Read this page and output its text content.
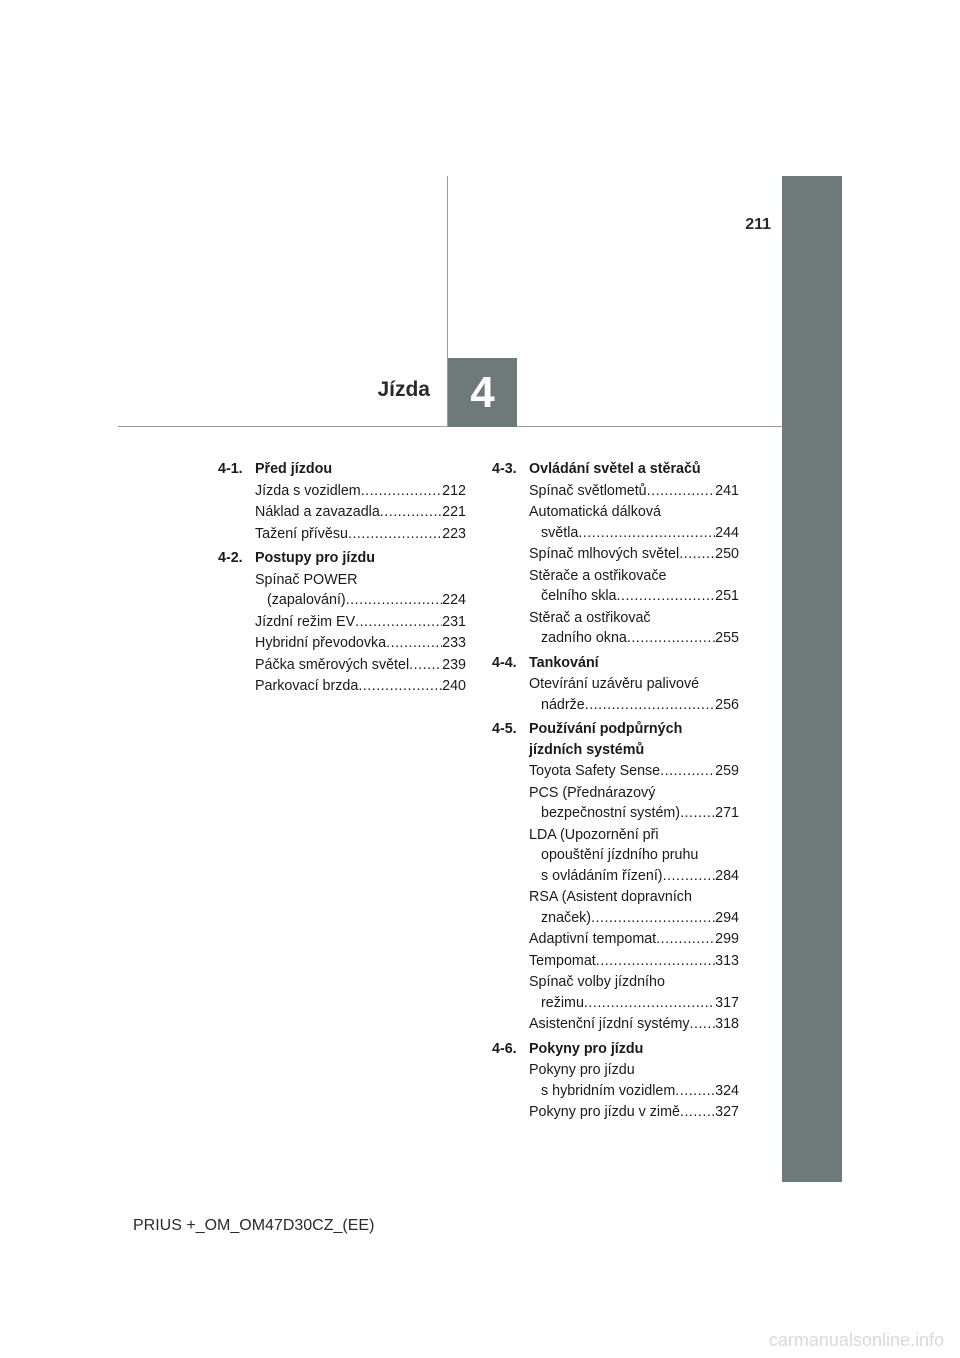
211
Jízda 4
4-1. Před jízdou
Jízda s vozidlem .....	212
Náklad a zavazadla .....	221
Tažení přívěsu .....	223
4-2. Postupy pro jízdu
Spínač POWER
(zapalování) .....	224
Jízdní režim EV .....	231
Hybridní převodovka .....	233
Páčka směrových světel ..... 239
Parkovací brzda .....	240
4-3. Ovládání světel a stěračů
Spínač světlometů .....	241
Automatická dálková
světla .....	244
Spínač mlhových světel .....	250
Stěrače a ostřikovače
čelního skla .....	251
Stěrač a ostřikovač
zadního okna .....	255
4-4. Tankování
Otevírání uzávěru palivové
nádrže .....	256
4-5. Používání podpůrných jízdních systémů
Toyota Safety Sense .....	259
PCS (Přednárazový
bezpečnostní systém) ..... 271
LDA (Upozornění při
opouštění jízdního pruhu
s ovládáním řízení) .....	284
RSA (Asistent dopravních
značek) .....	294
Adaptivní tempomat .....	299
Tempomat .....	313
Spínač volby jízdního
režimu .....	317
Asistenční jízdní systémy ..... 318
4-6. Pokyny pro jízdu
Pokyny pro jízdu
s hybridním vozidlem .....	324
Pokyny pro jízdu v zimě ..... 327
PRIUS +_OM_OM47D30CZ_(EE)
carmanualsonline.info
